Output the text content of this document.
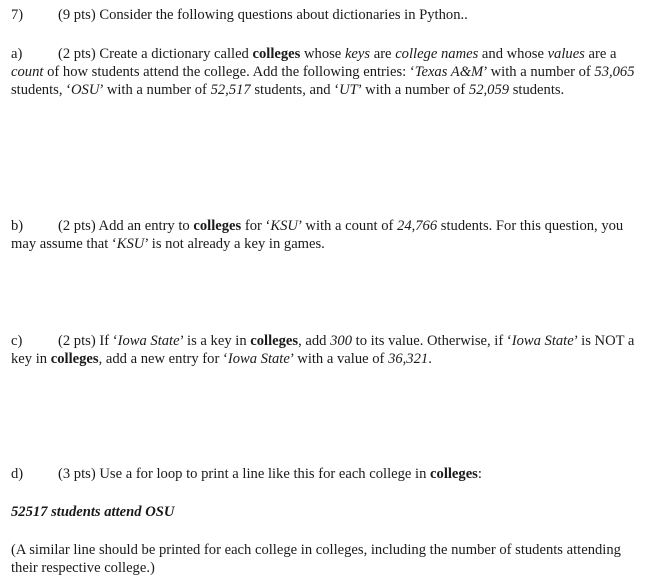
7) (9 pts) Consider the following questions about dictionaries in Python..
a) (2 pts) Create a dictionary called colleges whose keys are college names and whose values are a count of how students attend the college. Add the following entries: ‘Texas A&M’ with a number of 53,065 students, ‘OSU’ with a number of 52,517 students, and ‘UT’ with a number of 52,059 students.
b) (2 pts) Add an entry to colleges for ‘KSU’ with a count of 24,766 students. For this question, you may assume that ‘KSU’ is not already a key in games.
c) (2 pts) If ‘Iowa State’ is a key in colleges, add 300 to its value. Otherwise, if ‘Iowa State’ is NOT a key in colleges, add a new entry for ‘Iowa State’ with a value of 36,321.
d) (3 pts) Use a for loop to print a line like this for each college in colleges:
52517 students attend OSU
(A similar line should be printed for each college in colleges, including the number of students attending their respective college.)
